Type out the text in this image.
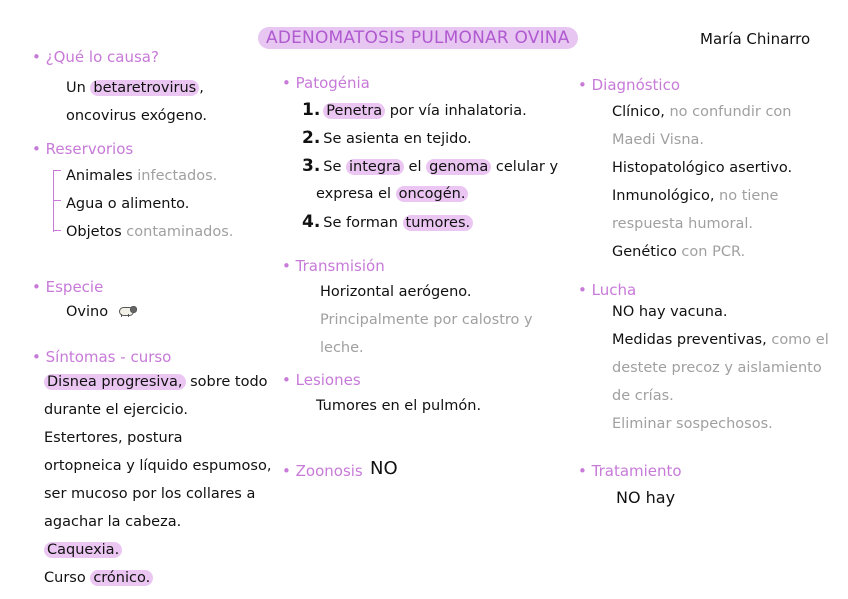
ADENOMATOSIS PULMONAR OVINA	María Chinarro
• ¿Qué lo causa?
Un betaretrovirus ,
oncovirus exógeno.
• Reservorios
Animales infectados.
Agua o alimento.
Objetos contaminados.
• Especie
Ovino
• Síntomas - curso
Disnea progresiva, sobre todo
durante el ejercicio.
Estertores, postura
ortopneica y líquido espumoso,
ser mucoso por los collares a
agachar la cabeza.
Caquexia.
Curso crónico.
• Patogénia
1. Penetra por vía inhalatoria.
2. Se asienta en tejido.
3. Se integra el genoma celular y
expresa el oncogén.
4. Se forman tumores.
• Transmisión
Horizontal aerógeno.
Principalmente por calostro y
leche.
• Lesiones
Tumores en el pulmón.
• Zoonosis NO
• Diagnóstico
Clínico, no confundir con
Maedi Visna.
Histopatológico asertivo.
Inmunológico, no tiene
respuesta humoral.
Genético con PCR.
• Lucha
NO hay vacuna.
Medidas preventivas, como el
destete precoz y aislamiento
de crías.
Eliminar sospechosos.
• Tratamiento
NO hay
